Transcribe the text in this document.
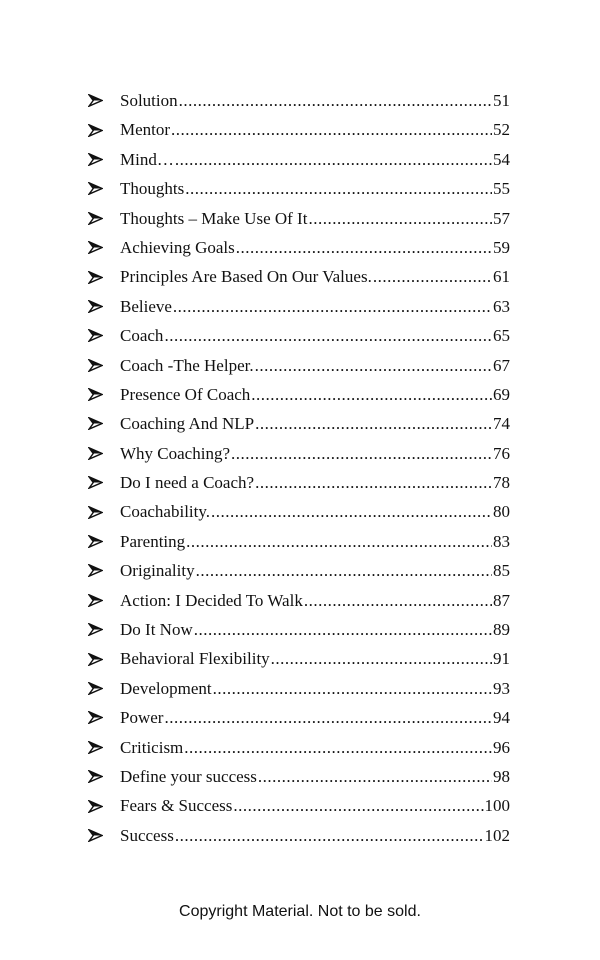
Solution .....	51
Mentor .....	52
Mind… .....	54
Thoughts .....	55
Thoughts – Make Use Of It .....	57
Achieving Goals .....	59
Principles Are Based On Our Values. .....	61
Believe .....	63
Coach .....	65
Coach -The Helper. .....	67
Presence Of Coach .....	69
Coaching And NLP .....	74
Why Coaching? .....	76
Do I need a Coach? .....	78
Coachability. .....	80
Parenting .....	83
Originality .....	85
Action: I Decided To Walk .....	87
Do It Now .....	89
Behavioral Flexibility .....	91
Development .....	93
Power .....	94
Criticism .....	96
Define your success .....	98
Fears & Success .....	100
Success .....	102
Copyright Material. Not to be sold.
